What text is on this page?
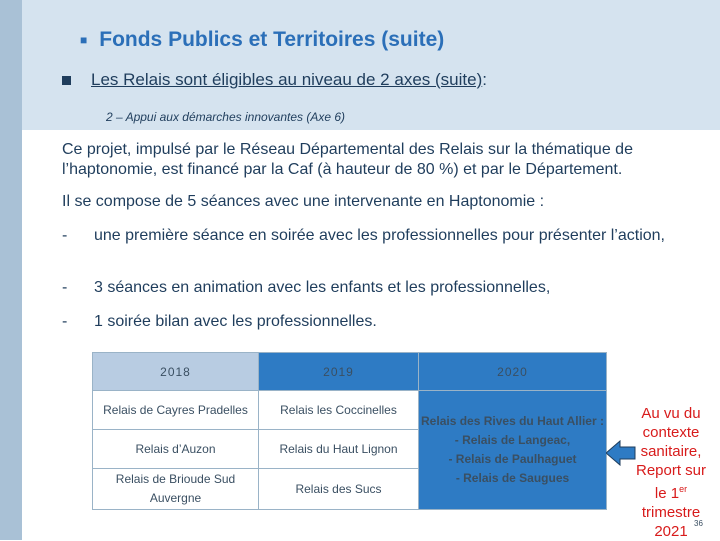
■ Fonds Publics et Territoires (suite)
Les Relais sont éligibles au niveau de 2 axes (suite) :
2 – Appui aux démarches innovantes (Axe 6)
Ce projet, impulsé par le Réseau Départemental des Relais sur la thématique de l’haptonomie, est financé par la Caf (à hauteur de 80 %) et par le Département.
Il se compose de 5 séances avec une intervenante en Haptonomie :
-	une première séance en soirée avec les professionnelles pour présenter l’action,
-	3 séances en animation avec les enfants et les professionnelles,
-	1 soirée bilan avec les professionnelles.
2018	2019	2020
Relais de Cayres Pradelles	Relais les Coccinelles	Relais des Rives du Haut Allier :
- Relais de Langeac,
- Relais de Paulhaguet
- Relais de Saugues

Relais d’Auzon	Relais du Haut Lignon	
Relais de Brioude Sud Auvergne	Relais des Sucs	
Au vu du
contexte
sanitaire,
Report sur
le 1er
trimestre
2021 36
